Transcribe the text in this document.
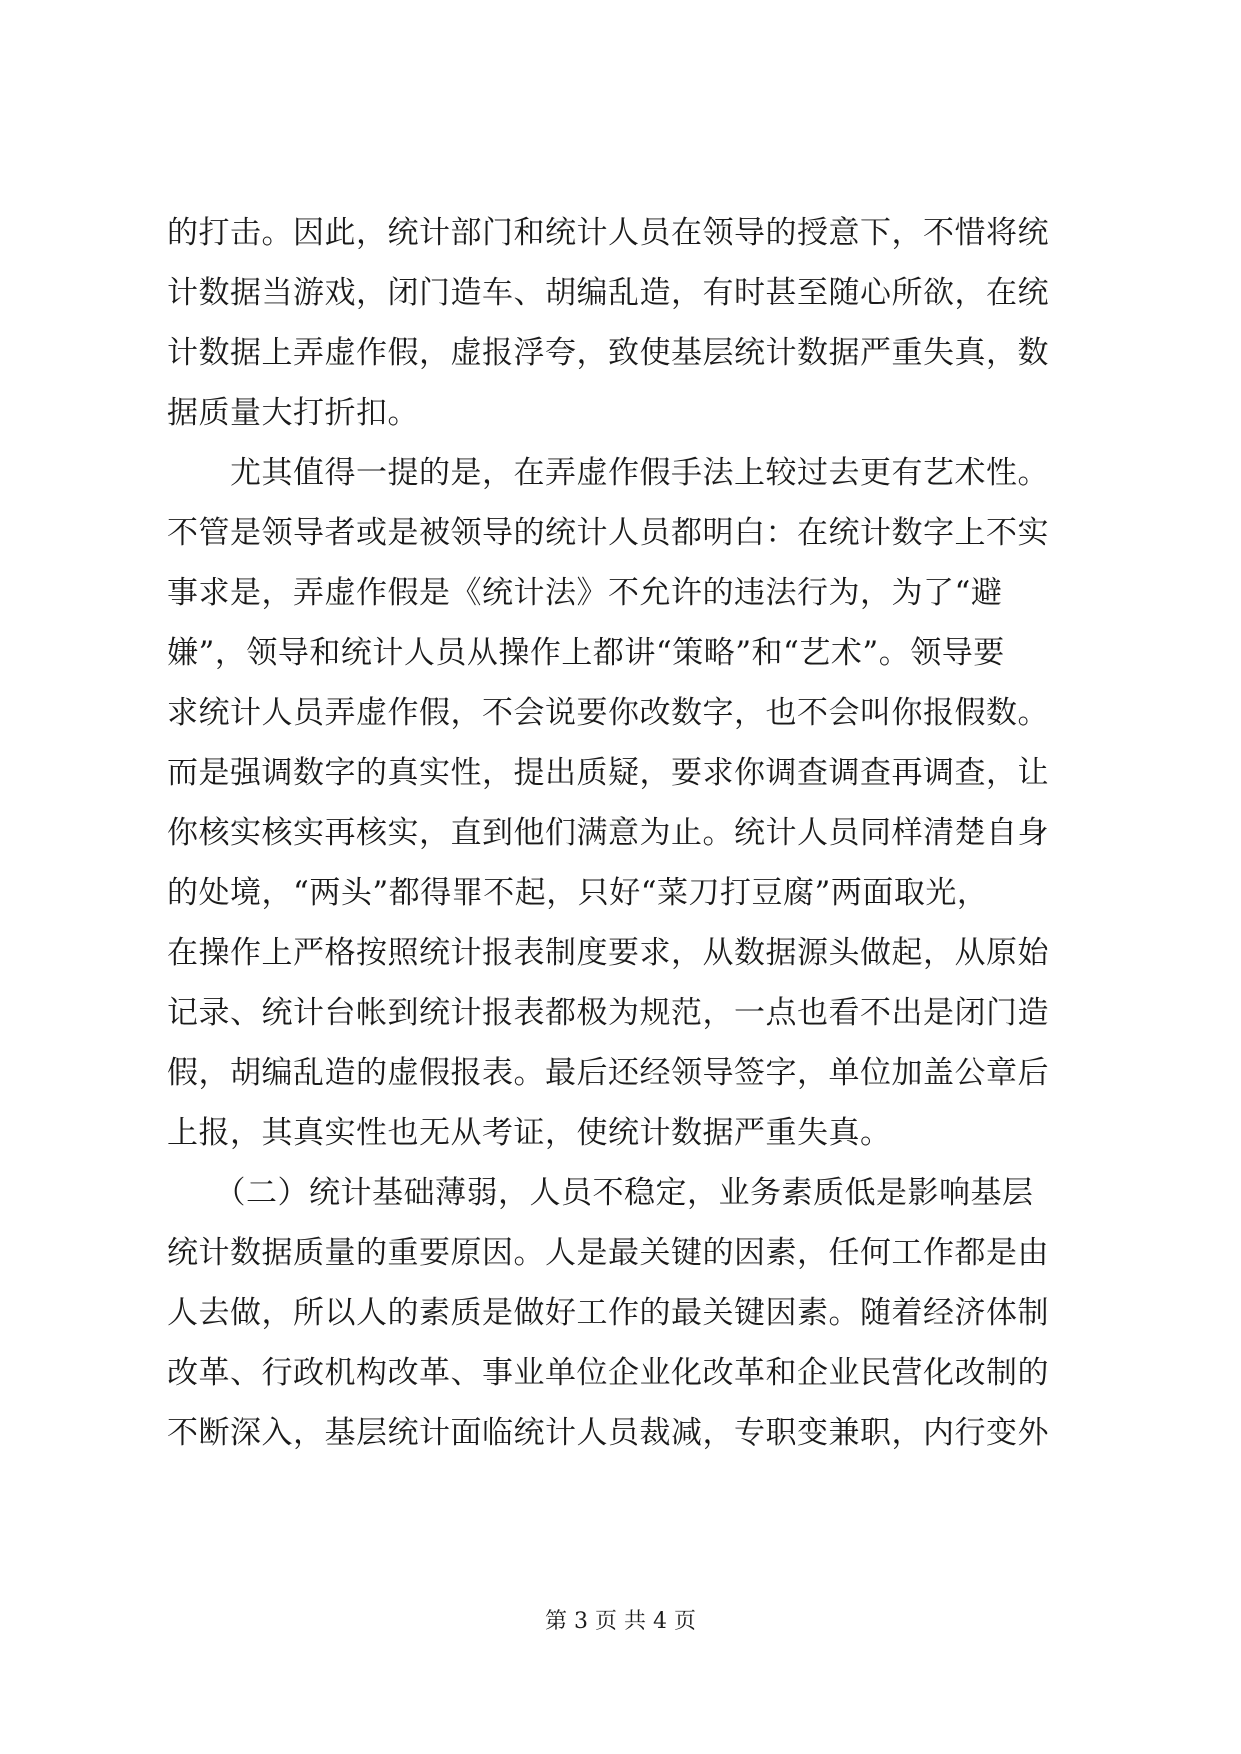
的打击。因此，统计部门和统计人员在领导的授意下，不惜将统
计数据当游戏，闭门造车、胡编乱造，有时甚至随心所欲，在统
计数据上弄虚作假，虚报浮夸，致使基层统计数据严重失真，数
据质量大打折扣。
　　尤其值得一提的是，在弄虚作假手法上较过去更有艺术性。
不管是领导者或是被领导的统计人员都明白：在统计数字上不实
事求是，弄虚作假是《统计法》不允许的违法行为，为了“避
嫌”，领导和统计人员从操作上都讲“策略”和“艺术”。领导要
求统计人员弄虚作假，不会说要你改数字，也不会叫你报假数。
而是强调数字的真实性，提出质疑，要求你调查调查再调查，让
你核实核实再核实，直到他们满意为止。统计人员同样清楚自身
的处境，“两头”都得罪不起，只好“菜刀打豆腐”两面取光，
在操作上严格按照统计报表制度要求，从数据源头做起，从原始
记录、统计台帐到统计报表都极为规范，一点也看不出是闭门造
假，胡编乱造的虚假报表。最后还经领导签字，单位加盖公章后
上报，其真实性也无从考证，使统计数据严重失真。
　　（二）统计基础薄弱，人员不稳定，业务素质低是影响基层
统计数据质量的重要原因。人是最关键的因素，任何工作都是由
人去做，所以人的素质是做好工作的最关键因素。随着经济体制
改革、行政机构改革、事业单位企业化改革和企业民营化改制的
不断深入，基层统计面临统计人员裁减，专职变兼职，内行变外
第 3 页 共 4 页
